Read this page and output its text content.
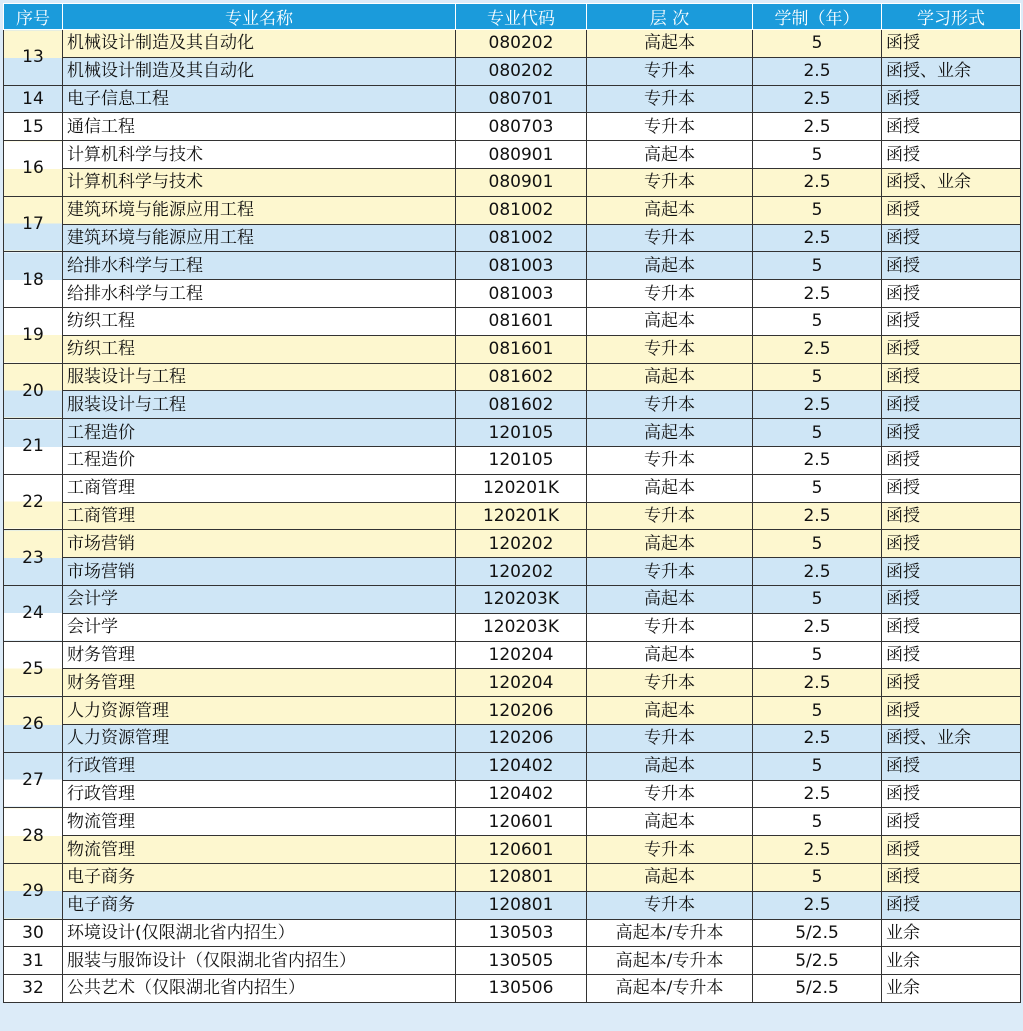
序号	专业名称	专业代码	层 次	学制（年）	学习形式
13	机械设计制造及其自动化	080202	高起本	5	函授
	机械设计制造及其自动化	080202	专升本	2.5	函授、业余
14	电子信息工程	080701	专升本	2.5	函授
15	通信工程	080703	专升本	2.5	函授
16	计算机科学与技术	080901	高起本	5	函授
	计算机科学与技术	080901	专升本	2.5	函授、业余
17	建筑环境与能源应用工程	081002	高起本	5	函授
	建筑环境与能源应用工程	081002	专升本	2.5	函授
18	给排水科学与工程	081003	高起本	5	函授
	给排水科学与工程	081003	专升本	2.5	函授
19	纺织工程	081601	高起本	5	函授
	纺织工程	081601	专升本	2.5	函授
20	服装设计与工程	081602	高起本	5	函授
	服装设计与工程	081602	专升本	2.5	函授
21	工程造价	120105	高起本	5	函授
	工程造价	120105	专升本	2.5	函授
22	工商管理	120201K	高起本	5	函授
	工商管理	120201K	专升本	2.5	函授
23	市场营销	120202	高起本	5	函授
	市场营销	120202	专升本	2.5	函授
24	会计学	120203K	高起本	5	函授
	会计学	120203K	专升本	2.5	函授
25	财务管理	120204	高起本	5	函授
	财务管理	120204	专升本	2.5	函授
26	人力资源管理	120206	高起本	5	函授
	人力资源管理	120206	专升本	2.5	函授、业余
27	行政管理	120402	高起本	5	函授
	行政管理	120402	专升本	2.5	函授
28	物流管理	120601	高起本	5	函授
	物流管理	120601	专升本	2.5	函授
29	电子商务	120801	高起本	5	函授
	电子商务	120801	专升本	2.5	函授
30	环境设计(仅限湖北省内招生）	130503	高起本/专升本	5/2.5	业余
31	服装与服饰设计（仅限湖北省内招生）	130505	高起本/专升本	5/2.5	业余
32	公共艺术（仅限湖北省内招生）	130506	高起本/专升本	5/2.5	业余
